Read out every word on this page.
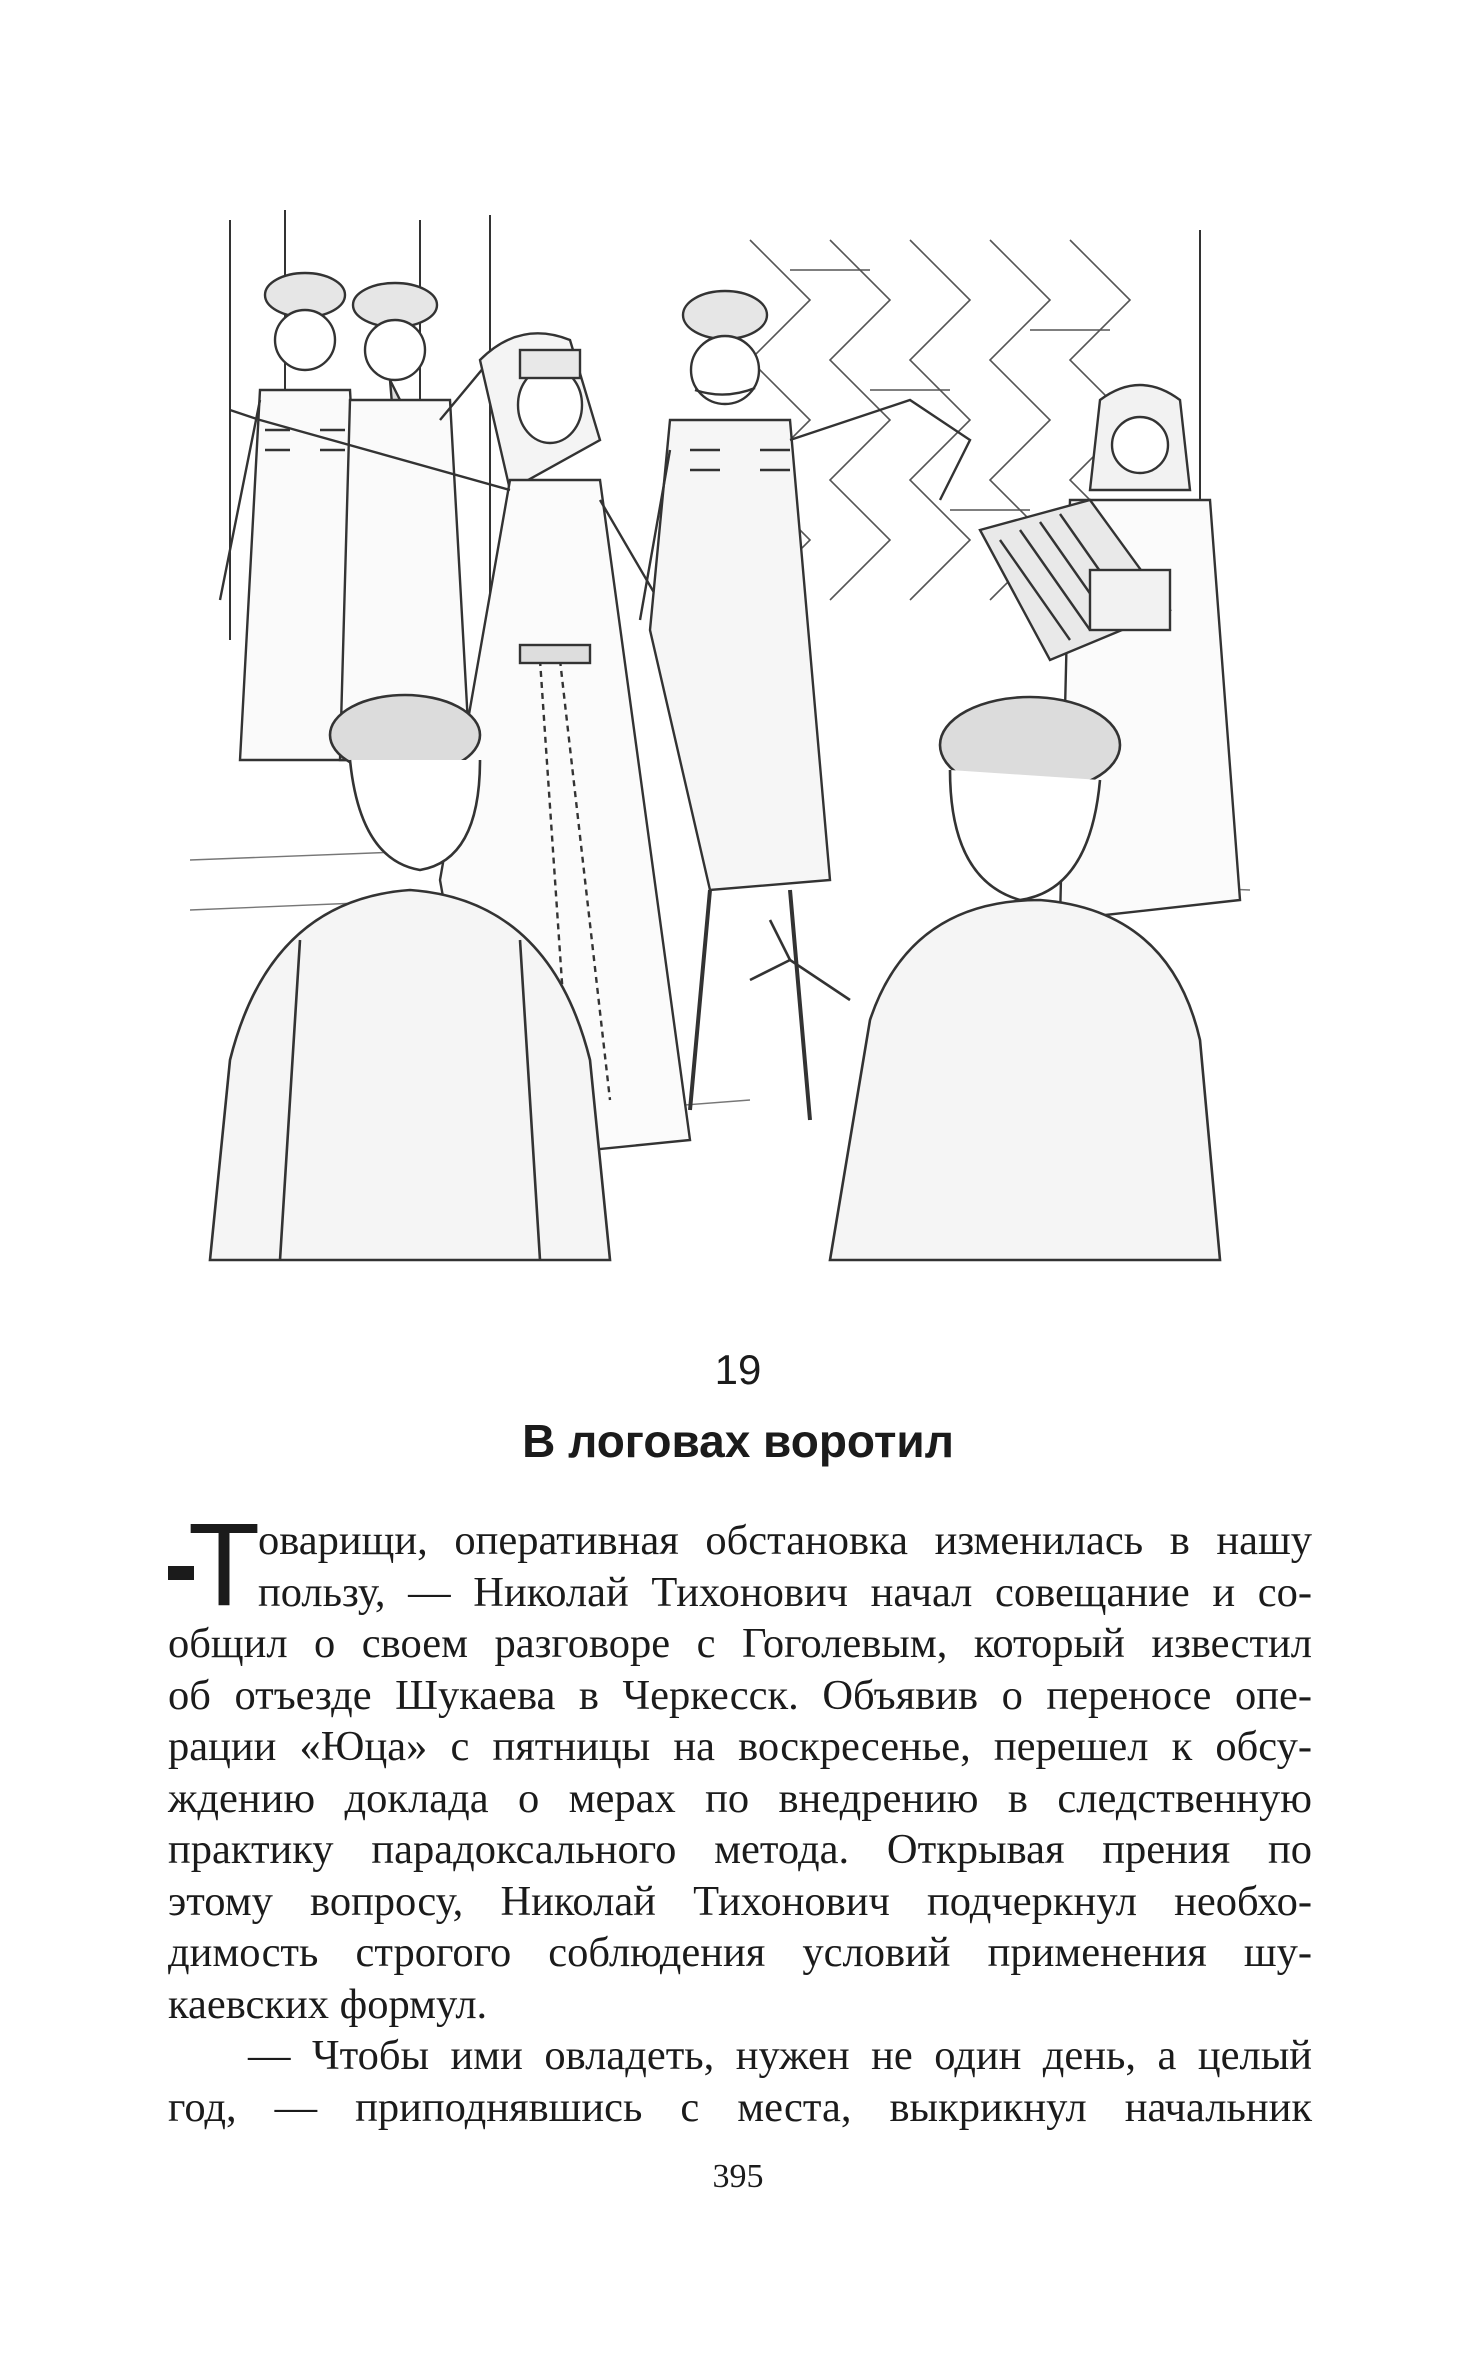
19
В логовах воротил
Т
оварищи, оперативная обстановка изменилась в нашу
пользу, — Николай Тихонович начал совещание и со-
общил о своем разговоре с Гоголевым, который известил
об отъезде Шукаева в Черкесск. Объявив о переносе опе-
рации «Юца» с пятницы на воскресенье, перешел к обсу-
ждению доклада о мерах по внедрению в следственную
практику парадоксального метода. Открывая прения по
этому вопросу, Николай Тихонович подчеркнул необхо-
димость строгого соблюдения условий применения шу-
каевских формул.
— Чтобы ими овладеть, нужен не один день, а целый
год, — приподнявшись с места, выкрикнул начальник
395
